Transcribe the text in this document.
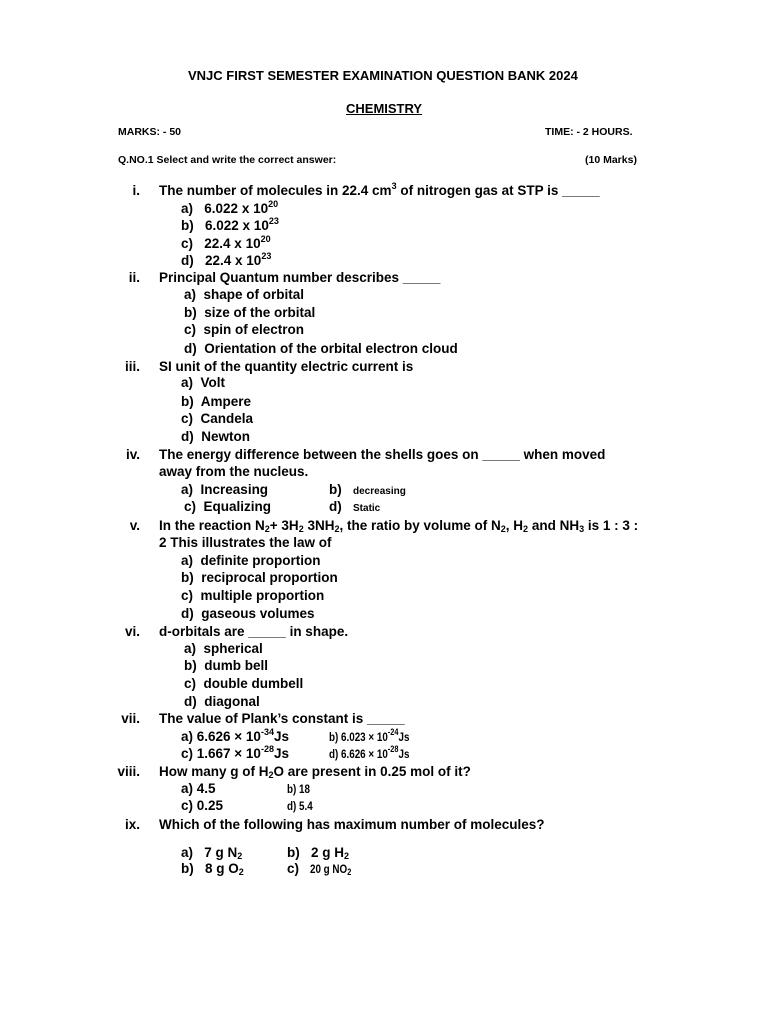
VNJC FIRST SEMESTER EXAMINATION QUESTION BANK 2024
CHEMISTRY
MARKS: - 50	TIME: - 2 HOURS.
Q.NO.1 Select and write the correct answer:	(10 Marks)
i. The number of molecules in 22.4 $cm^3$ of nitrogen gas at STP is _____
a) 6.022 x $10^{20}$
b) 6.022 x $10^{23}$
c) 22.4 x $10^{20}$
d) 22.4 x $10^{23}$
ii. Principal Quantum number describes _____
a) shape of orbital
b) size of the orbital
c) spin of electron
d) Orientation of the orbital electron cloud
iii. SI unit of the quantity electric current is
a) Volt
b) Ampere
c) Candela
d) Newton
iv. The energy difference between the shells goes on _____ when moved
away from the nucleus.
a) Increasing	b) decreasing
c) Equalizing	d) Static
v. In the reaction $N_2+ 3H_2$ $3NH_2$, the ratio by volume of $N_2$, $H_2$ and $NH_3$ is 1 : 3 :
2 This illustrates the law of
a) definite proportion
b) reciprocal proportion
c) multiple proportion
d) gaseous volumes
vi. d-orbitals are _____ in shape.
a) spherical
b) dumb bell
c) double dumbell
d) diagonal
vii. The value of Plank’s constant is _____
a) $6.626 \times 10^{-34}Js$	b) $6.023 \times 10^{-24}Js$
c) $1.667 \times 10^{-28}Js$	d) $6.626 \times 10^{-28}Js$
viii. How many g of $H_2O$ are present in 0.25 mol of it?
a) 4.5	b) 18
c) 0.25	d) 5.4
ix. Which of the following has maximum number of molecules?
a) 7 g $N_2$	b) 2 g $H_2$
b) 8 g $O_2$	c) 20 g $NO_2$
